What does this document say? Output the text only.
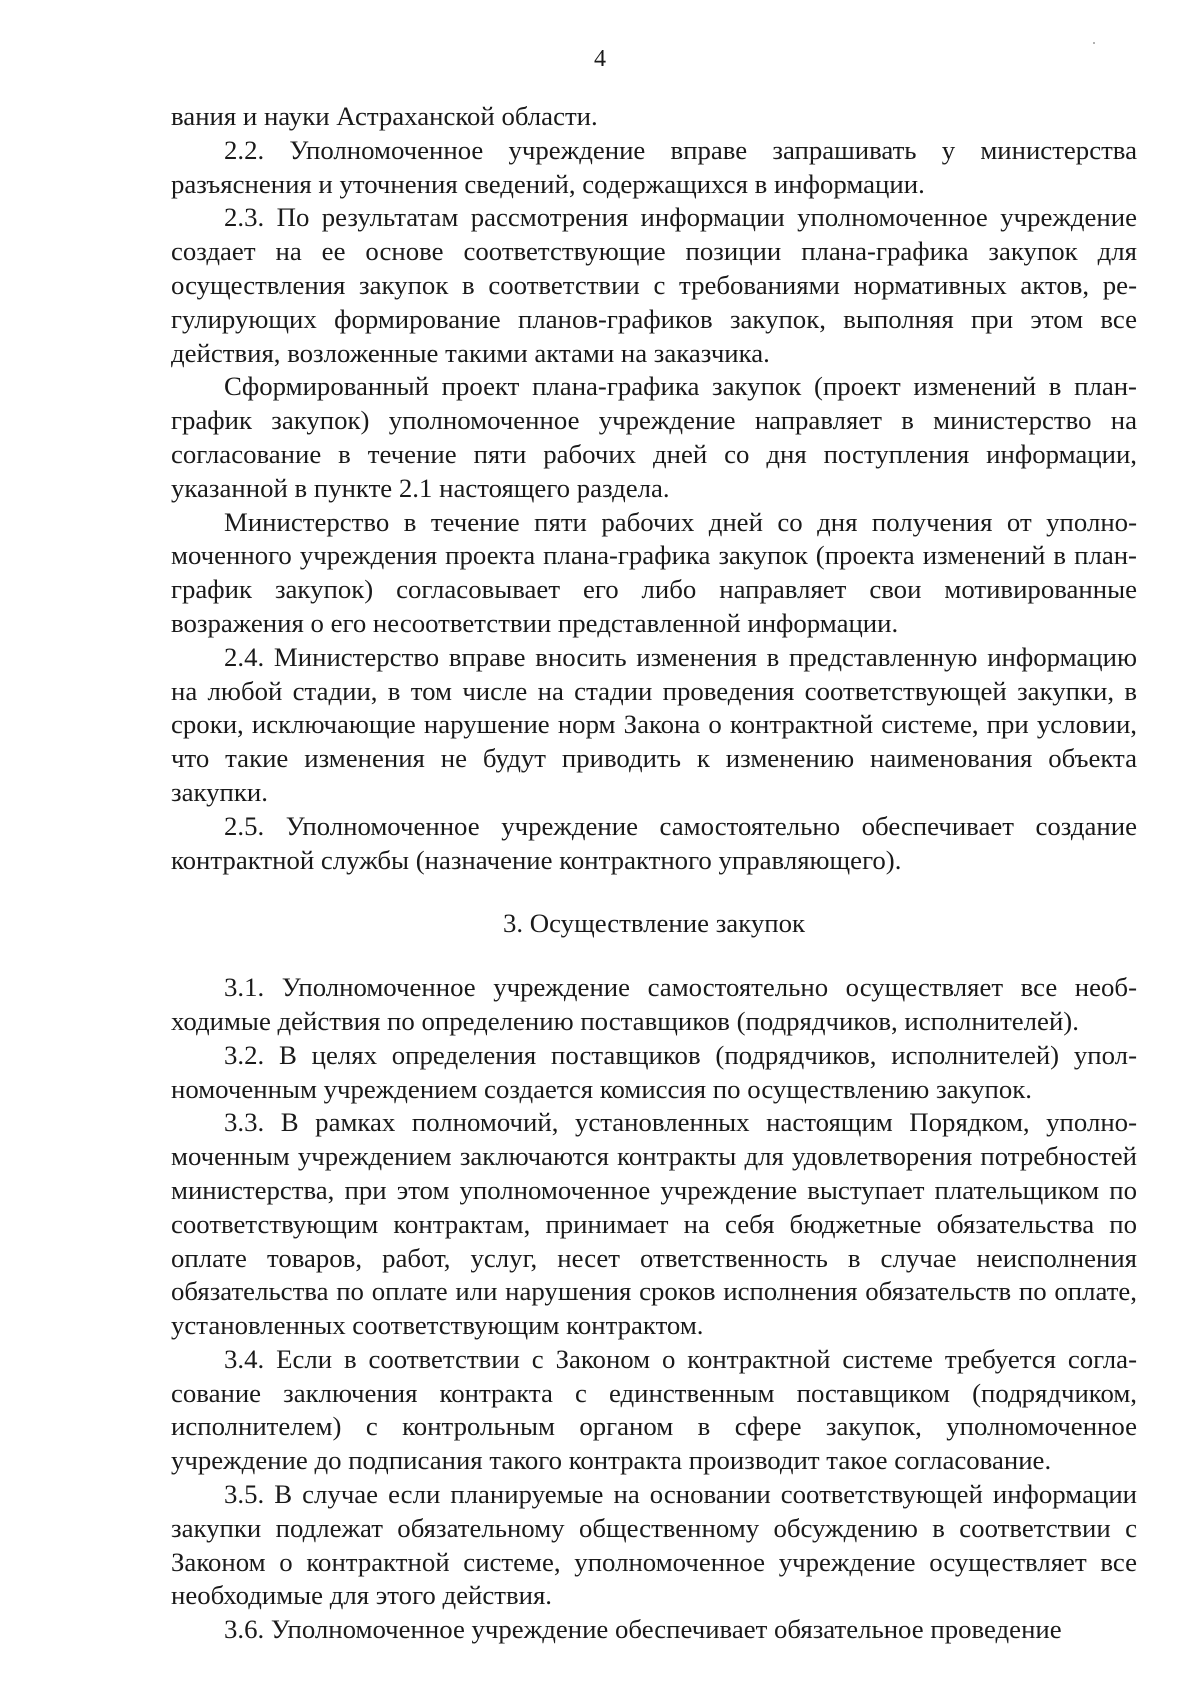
4

вания и науки Астраханской области.

2.2. Уполномоченное учреждение вправе запрашивать у министерства разъяснения и уточнения сведений, содержащихся в информации.

2.3. По результатам рассмотрения информации уполномоченное учреждение создает на ее основе соответствующие позиции плана-графика закупок для осуществления закупок в соответствии с требованиями нормативных актов, регулирующих формирование планов-графиков закупок, выполняя при этом все действия, возложенные такими актами на заказчика.

Сформированный проект плана-графика закупок (проект изменений в план-график закупок) уполномоченное учреждение направляет в министерство на согласование в течение пяти рабочих дней со дня поступления информации, указанной в пункте 2.1 настоящего раздела.

Министерство в течение пяти рабочих дней со дня получения от уполномоченного учреждения проекта плана-графика закупок (проекта изменений в план-график закупок) согласовывает его либо направляет свои мотивированные возражения о его несоответствии представленной информации.

2.4. Министерство вправе вносить изменения в представленную информацию на любой стадии, в том числе на стадии проведения соответствующей закупки, в сроки, исключающие нарушение норм Закона о контрактной системе, при условии, что такие изменения не будут приводить к изменению наименования объекта закупки.

2.5. Уполномоченное учреждение самостоятельно обеспечивает создание контрактной службы (назначение контрактного управляющего).

3. Осуществление закупок

3.1. Уполномоченное учреждение самостоятельно осуществляет все необходимые действия по определению поставщиков (подрядчиков, исполнителей).

3.2. В целях определения поставщиков (подрядчиков, исполнителей) уполномоченным учреждением создается комиссия по осуществлению закупок.

3.3. В рамках полномочий, установленных настоящим Порядком, уполномоченным учреждением заключаются контракты для удовлетворения потребностей министерства, при этом уполномоченное учреждение выступает плательщиком по соответствующим контрактам, принимает на себя бюджетные обязательства по оплате товаров, работ, услуг, несет ответственность в случае неисполнения обязательства по оплате или нарушения сроков исполнения обязательств по оплате, установленных соответствующим контрактом.

3.4. Если в соответствии с Законом о контрактной системе требуется согласование заключения контракта с единственным поставщиком (подрядчиком, исполнителем) с контрольным органом в сфере закупок, уполномоченное учреждение до подписания такого контракта производит такое согласование.

3.5. В случае если планируемые на основании соответствующей информации закупки подлежат обязательному общественному обсуждению в соответствии с Законом о контрактной системе, уполномоченное учреждение осуществляет все необходимые для этого действия.

3.6. Уполномоченное учреждение обеспечивает обязательное проведение
